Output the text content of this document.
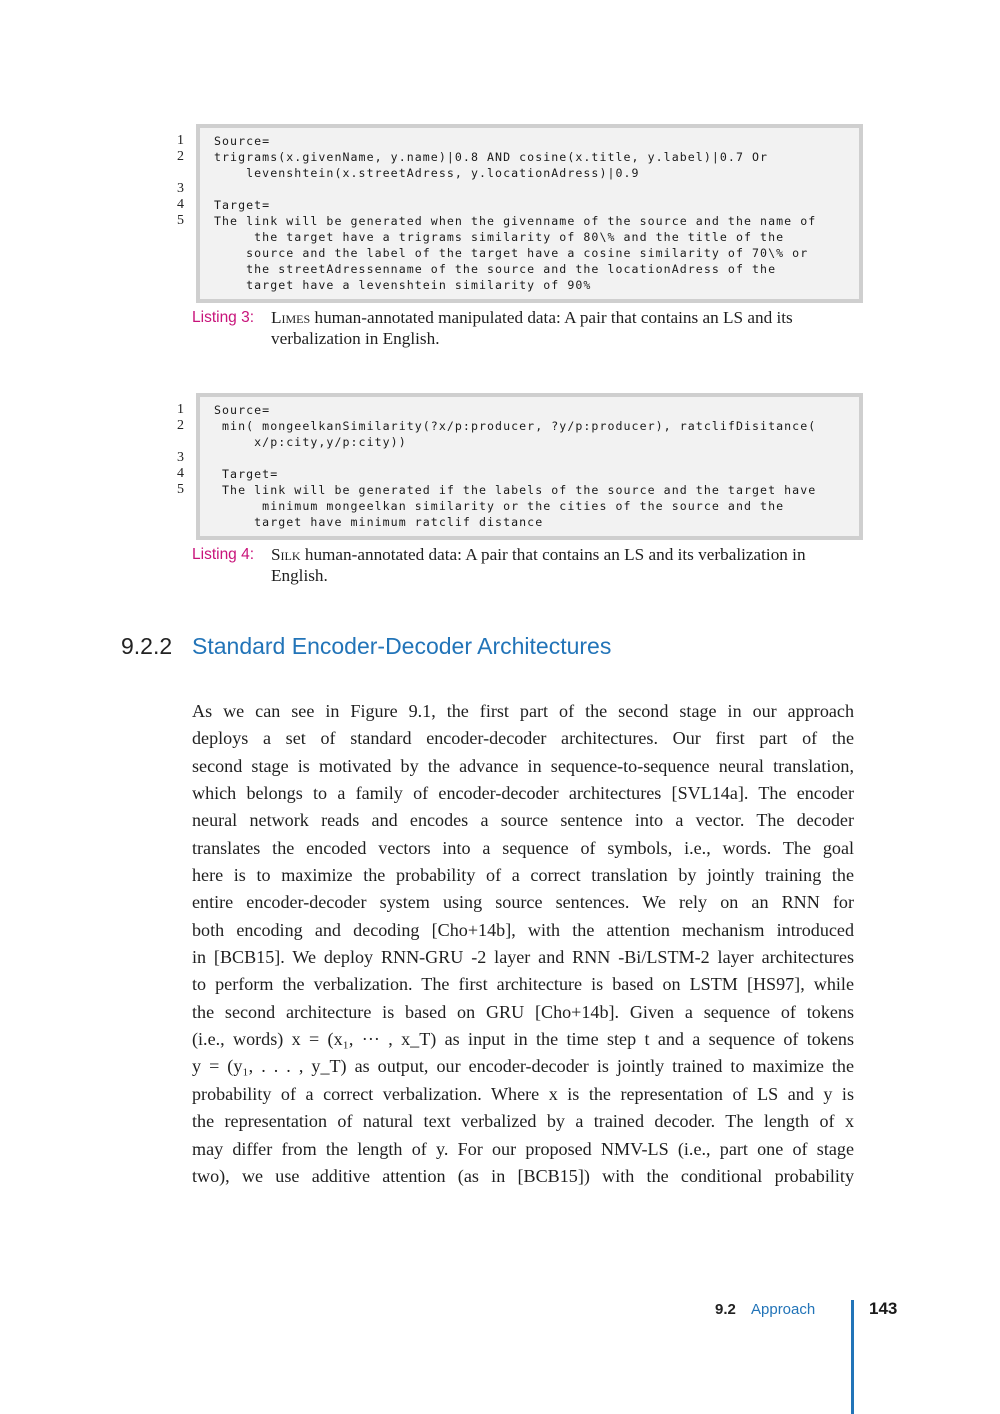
1
2
3
4
5
Source=
trigrams(x.givenName, y.name)|0.8 AND cosine(x.title, y.label)|0.7 Or
levenshtein(x.streetAdress, y.locationAdress)|0.9
Target=
The link will be generated when the givenname of the source and the name of
the target have a trigrams similarity of 80\% and the title of the
source and the label of the target have a cosine similarity of 70\% or
the streetAdressenname of the source and the locationAdress of the
target have a levenshtein similarity of 90%
Listing 3: Limes human-annotated manipulated data: A pair that contains an LS and its
verbalization in English.
1
2
3
4
5
Source=
min( mongeelkanSimilarity(?x/p:producer, ?y/p:producer), ratclifDisitance(
x/p:city,y/p:city))
Target=
The link will be generated if the labels of the source and the target have
minimum mongeelkan similarity or the cities of the source and the
target have minimum ratclif distance
Listing 4: Silk human-annotated data: A pair that contains an LS and its verbalization in
English.
9.2.2 Standard Encoder-Decoder Architectures
As we can see in Figure 9.1, the first part of the second stage in our approach
deploys a set of standard encoder-decoder architectures. Our first part of the
second stage is motivated by the advance in sequence-to-sequence neural translation,
which belongs to a family of encoder-decoder architectures [SVL14a]. The encoder
neural network reads and encodes a source sentence into a vector. The decoder
translates the encoded vectors into a sequence of symbols, i.e., words. The goal
here is to maximize the probability of a correct translation by jointly training the
entire encoder-decoder system using source sentences. We rely on an RNN for
both encoding and decoding [Cho+14b], with the attention mechanism introduced
in [BCB15]. We deploy RNN-GRU -2 layer and RNN -Bi/LSTM-2 layer architectures
to perform the verbalization. The first architecture is based on LSTM [HS97], while
the second architecture is based on GRU [Cho+14b]. Given a sequence of tokens
(i.e., words) x = (x₁, ··· , x_T) as input in the time step t and a sequence of tokens
y = (y₁, . . . , y_T) as output, our encoder-decoder is jointly trained to maximize the
probability of a correct verbalization. Where x is the representation of LS and y is
the representation of natural text verbalized by a trained decoder. The length of x
may differ from the length of y. For our proposed NMV-LS (i.e., part one of stage
two), we use additive attention (as in [BCB15]) with the conditional probability
9.2 Approach	143
